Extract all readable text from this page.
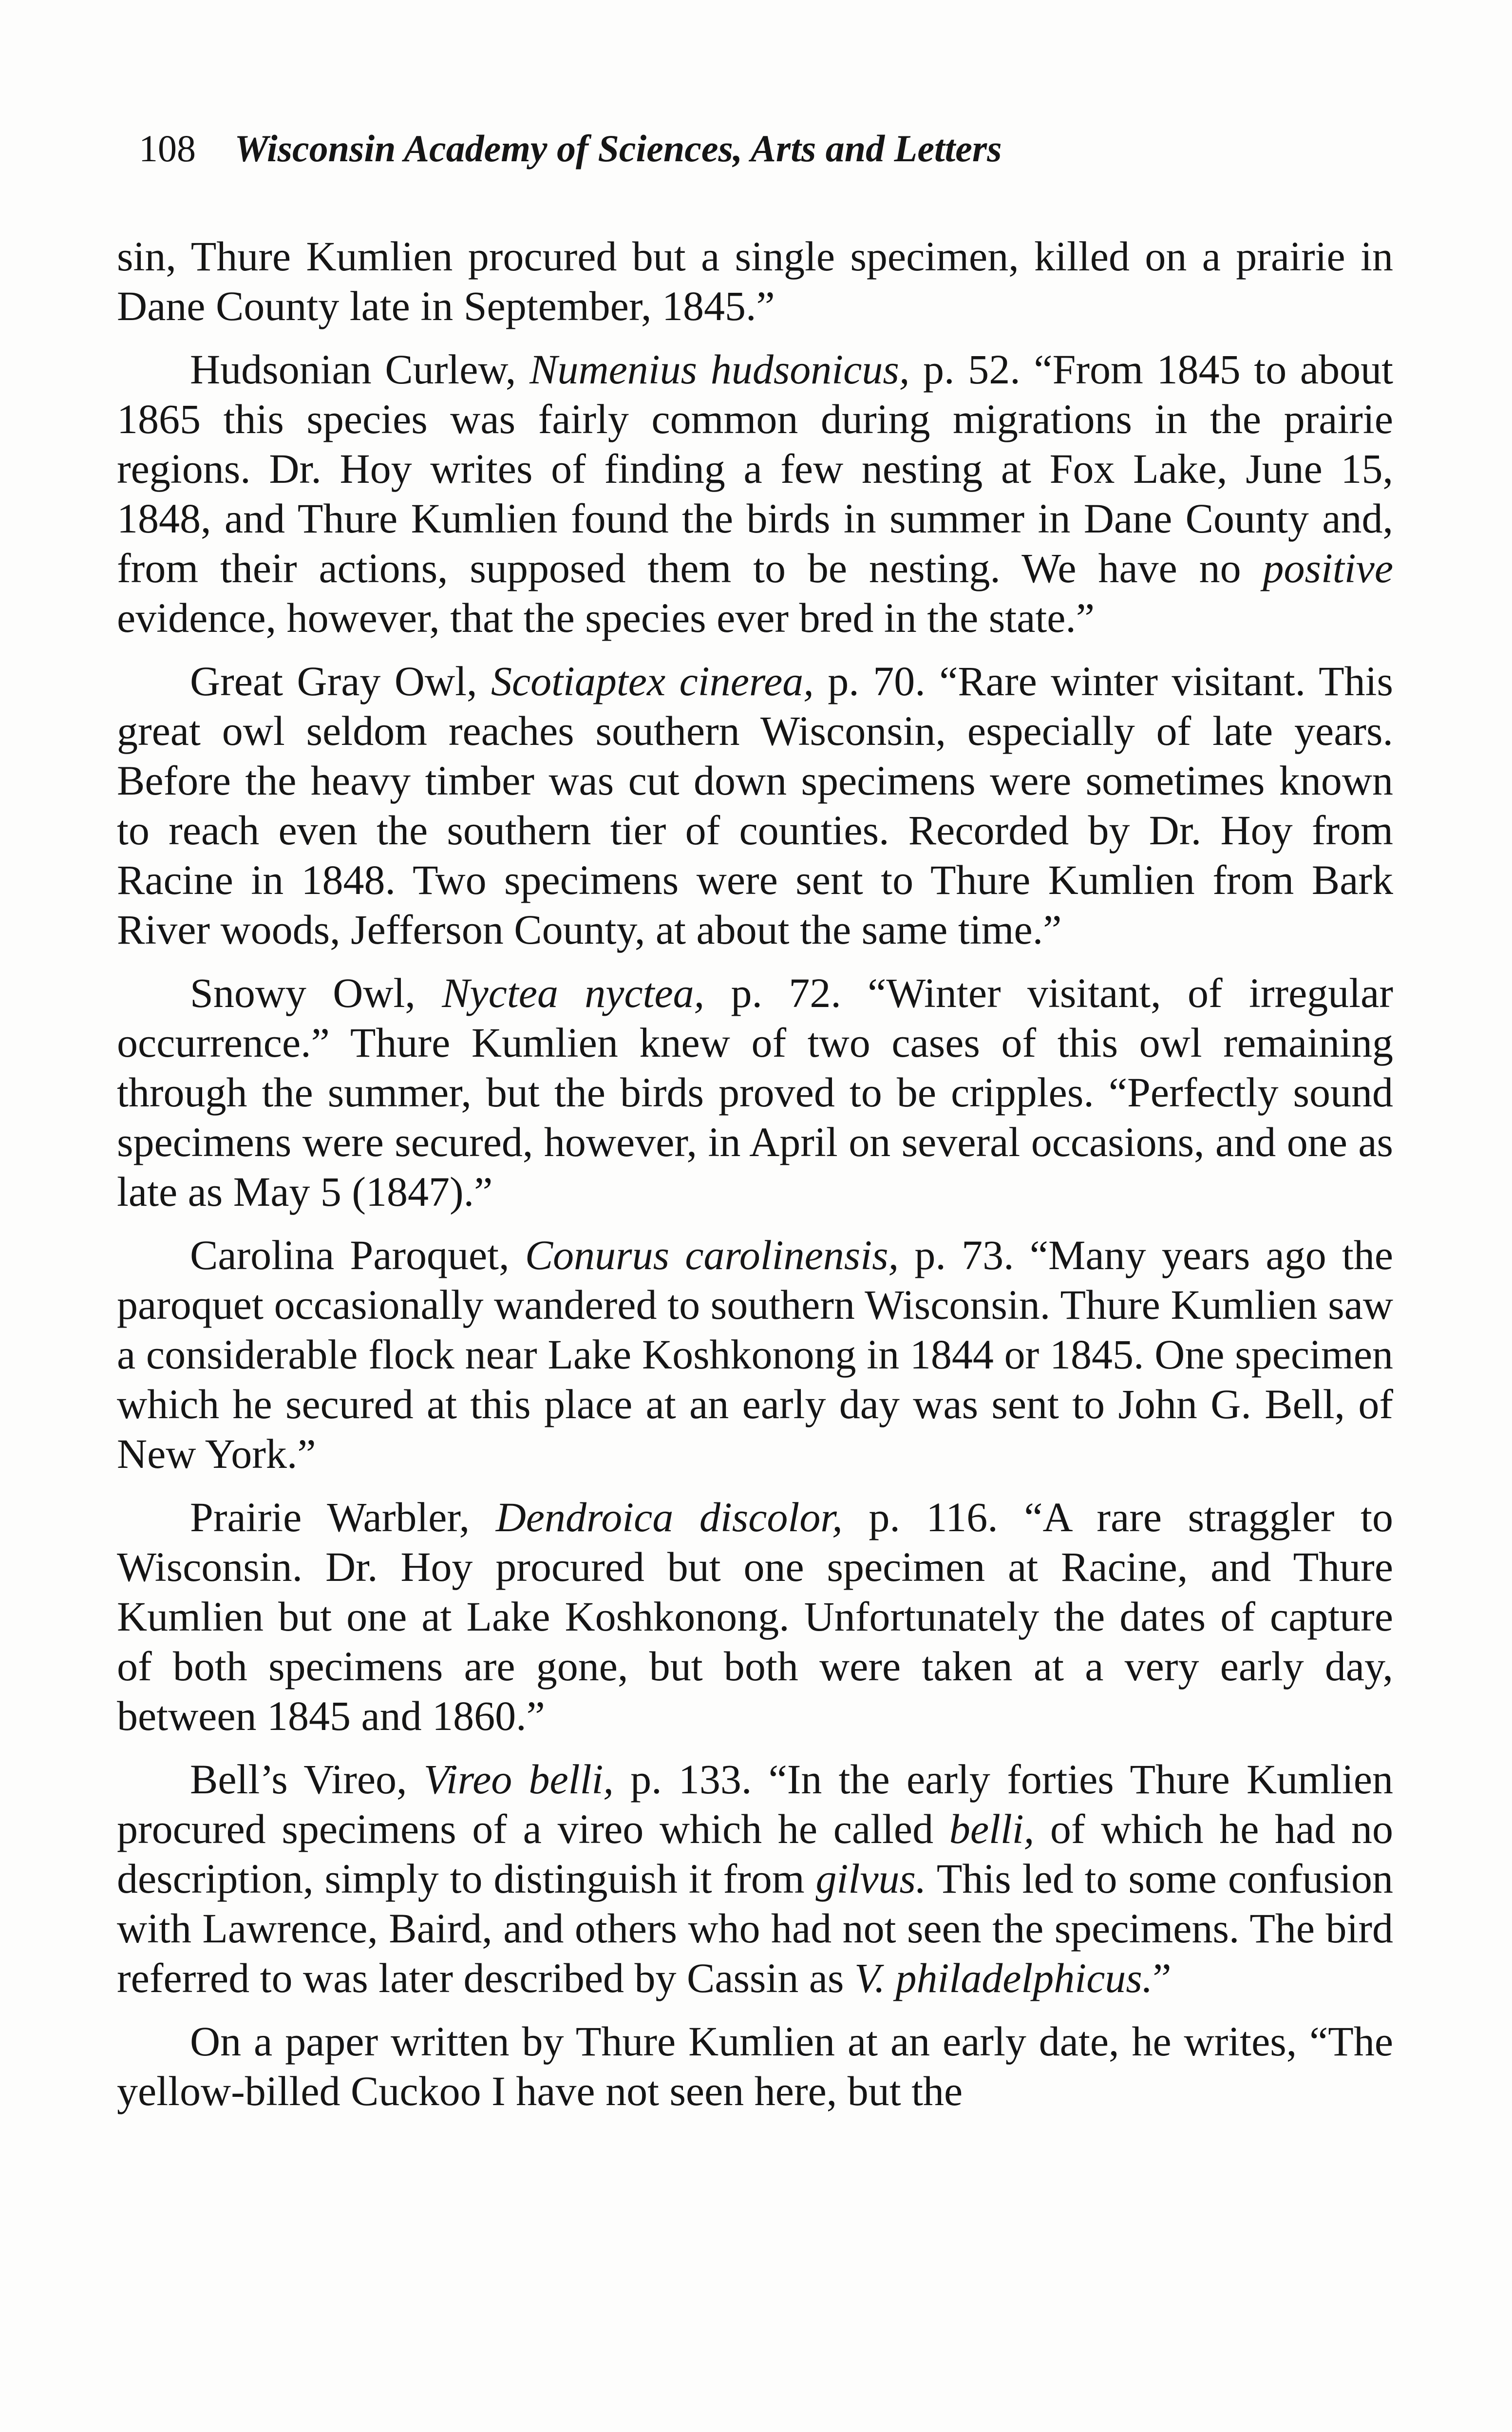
108 Wisconsin Academy of Sciences, Arts and Letters

sin, Thure Kumlien procured but a single specimen, killed on a prairie in Dane County late in September, 1845.”

Hudsonian Curlew, Numenius hudsonicus, p. 52. “From 1845 to about 1865 this species was fairly common during migrations in the prairie regions. Dr. Hoy writes of finding a few nesting at Fox Lake, June 15, 1848, and Thure Kumlien found the birds in summer in Dane County and, from their actions, supposed them to be nesting. We have no positive evidence, however, that the species ever bred in the state.”

Great Gray Owl, Scotiaptex cinerea, p. 70. “Rare winter visitant. This great owl seldom reaches southern Wisconsin, especially of late years. Before the heavy timber was cut down specimens were sometimes known to reach even the southern tier of counties. Recorded by Dr. Hoy from Racine in 1848. Two specimens were sent to Thure Kumlien from Bark River woods, Jefferson County, at about the same time.”

Snowy Owl, Nyctea nyctea, p. 72. “Winter visitant, of irregular occurrence.” Thure Kumlien knew of two cases of this owl remaining through the summer, but the birds proved to be cripples. “Perfectly sound specimens were secured, however, in April on several occasions, and one as late as May 5 (1847).”

Carolina Paroquet, Conurus carolinensis, p. 73. “Many years ago the paroquet occasionally wandered to southern Wisconsin. Thure Kumlien saw a considerable flock near Lake Koshkonong in 1844 or 1845. One specimen which he secured at this place at an early day was sent to John G. Bell, of New York.”

Prairie Warbler, Dendroica discolor, p. 116. “A rare straggler to Wisconsin. Dr. Hoy procured but one specimen at Racine, and Thure Kumlien but one at Lake Koshkonong. Unfortunately the dates of capture of both specimens are gone, but both were taken at a very early day, between 1845 and 1860.”

Bell’s Vireo, Vireo belli, p. 133. “In the early forties Thure Kumlien procured specimens of a vireo which he called belli, of which he had no description, simply to distinguish it from gilvus. This led to some confusion with Lawrence, Baird, and others who had not seen the specimens. The bird referred to was later described by Cassin as V. philadelphicus.”

On a paper written by Thure Kumlien at an early date, he writes, “The yellow-billed Cuckoo I have not seen here, but the
